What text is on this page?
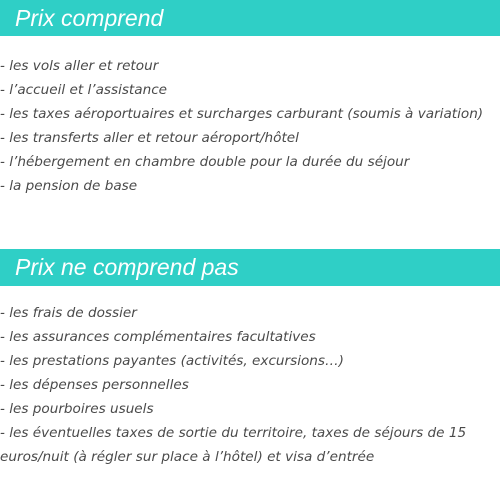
Prix comprend
- les vols aller et retour
- l’accueil et l’assistance
- les taxes aéroportuaires et surcharges carburant (soumis à variation)
- les transferts aller et retour aéroport/hôtel
- l’hébergement en chambre double pour la durée du séjour
- la pension de base
Prix ne comprend pas
- les frais de dossier
- les assurances complémentaires facultatives
- les prestations payantes (activités, excursions…)
- les dépenses personnelles
- les pourboires usuels
- les éventuelles taxes de sortie du territoire, taxes de séjours de 15 euros/nuit (à régler sur place à l’hôtel) et visa d’entrée
